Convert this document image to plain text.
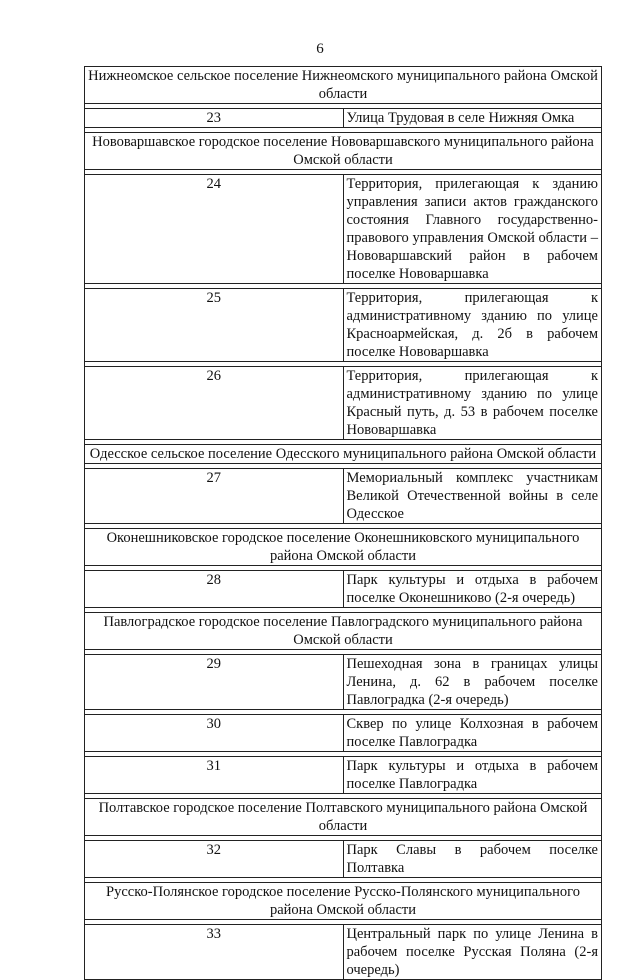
6
Нижнеомское сельское поселение Нижнеомского муниципального района Омской области	

23	Улица Трудовая в селе Нижняя Омка

Нововаршавское городское поселение Нововаршавского муниципального района Омской области	

24	Территория, прилегающая к зданию управления записи актов гражданского состояния Главного государственно-правового управления Омской области – Нововаршавский район в рабочем поселке Нововаршавка

25	Территория, прилегающая к административному зданию по улице Красноармейская, д. 2б в рабочем поселке Нововаршавка

26	Территория, прилегающая к административному зданию по улице Красный путь, д. 53 в рабочем поселке Нововаршавка

Одесское сельское поселение Одесского муниципального района Омской области	

27	Мемориальный комплекс участникам Великой Отечественной войны в селе Одесское

Оконешниковское городское поселение Оконешниковского муниципального района Омской области	

28	Парк культуры и отдыха в рабочем поселке Оконешниково (2-я очередь)

Павлоградское городское поселение Павлоградского муниципального района Омской области	

29	Пешеходная зона в границах улицы Ленина, д. 62 в рабочем поселке Павлоградка (2-я очередь)

30	Сквер по улице Колхозная в рабочем поселке Павлоградка

31	Парк культуры и отдыха в рабочем поселке Павлоградка

Полтавское городское поселение Полтавского муниципального района Омской области	

32	Парк Славы в рабочем поселке Полтавка

Русско-Полянское городское поселение Русско-Полянского муниципального района Омской области	

33	Центральный парк по улице Ленина в рабочем поселке Русская Поляна (2-я очередь)
